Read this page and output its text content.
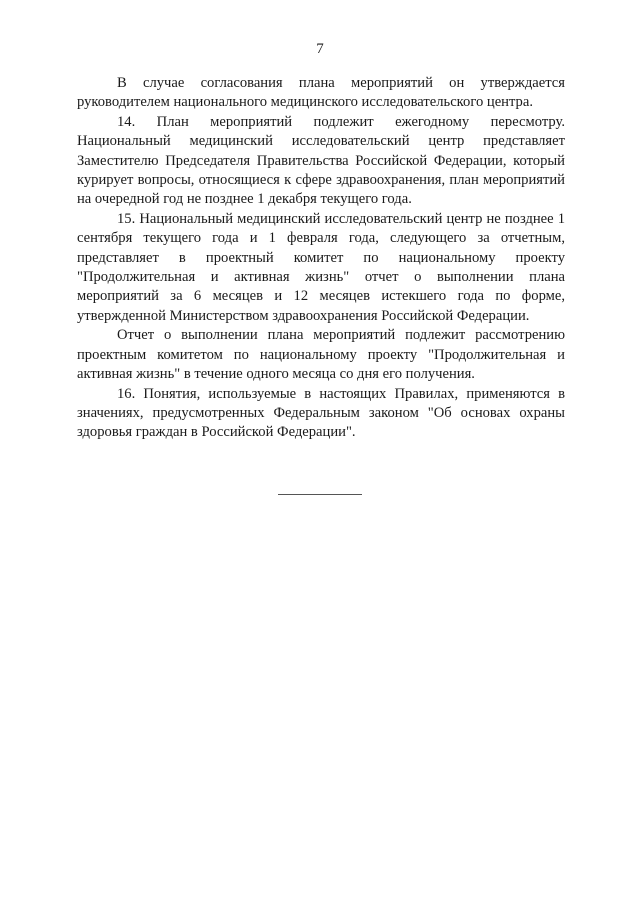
7

В случае согласования плана мероприятий он утверждается руководителем национального медицинского исследовательского центра.

14. План мероприятий подлежит ежегодному пересмотру. Национальный медицинский исследовательский центр представляет Заместителю Председателя Правительства Российской Федерации, который курирует вопросы, относящиеся к сфере здравоохранения, план мероприятий на очередной год не позднее 1 декабря текущего года.

15. Национальный медицинский исследовательский центр не позднее 1 сентября текущего года и 1 февраля года, следующего за отчетным, представляет в проектный комитет по национальному проекту "Продолжительная и активная жизнь" отчет о выполнении плана мероприятий за 6 месяцев и 12 месяцев истекшего года по форме, утвержденной Министерством здравоохранения Российской Федерации.

Отчет о выполнении плана мероприятий подлежит рассмотрению проектным комитетом по национальному проекту "Продолжительная и активная жизнь" в течение одного месяца со дня его получения.

16. Понятия, используемые в настоящих Правилах, применяются в значениях, предусмотренных Федеральным законом "Об основах охраны здоровья граждан в Российской Федерации".
